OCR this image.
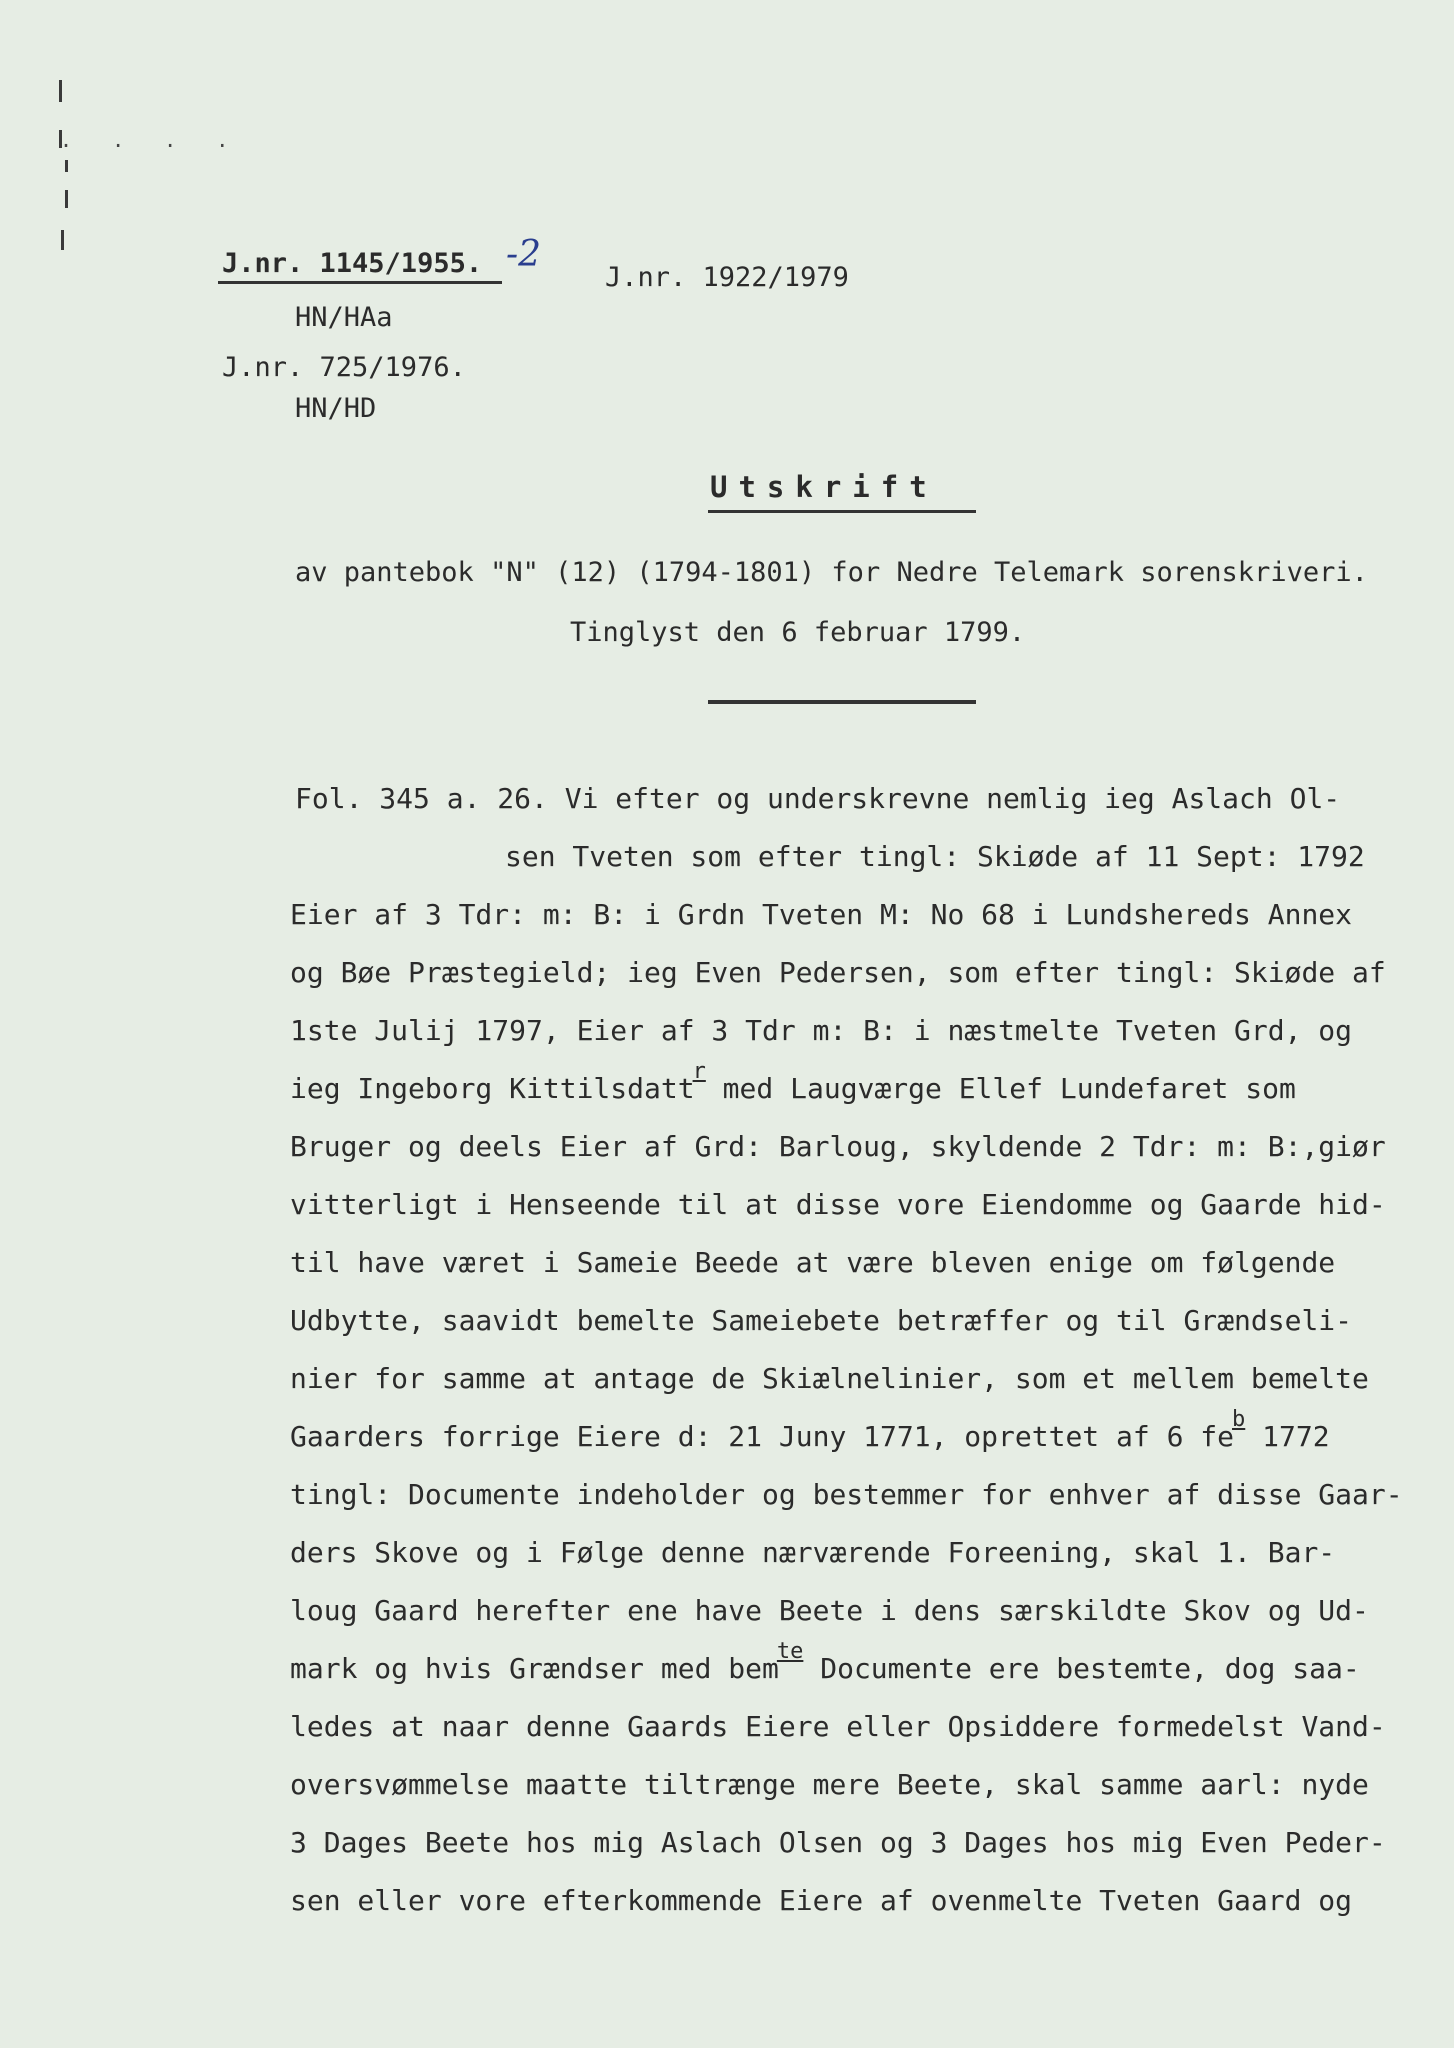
. . . .
J.nr. 1145/1955. -2
J.nr. 1922/1979
HN/HAa
J.nr. 725/1976.
HN/HD
Utskrift
av pantebok "N" (12) (1794-1801) for Nedre Telemark sorenskriveri.
Tinglyst den 6 februar 1799.
Fol. 345 a. 26. Vi efter og underskrevne nemlig ieg Aslach Ol-
sen Tveten som efter tingl: Skiøde af 11 Sept: 1792
Eier af 3 Tdr: m: B: i Grdn Tveten M: No 68 i Lundshereds Annex
og Bøe Præstegield; ieg Even Pedersen, som efter tingl: Skiøde af
1ste Julij 1797, Eier af 3 Tdr m: B: i næstmelte Tveten Grd, og
ieg Ingeborg Kittilsdatt$^r$ med Laugværge Ellef Lundefaret som
Bruger og deels Eier af Grd: Barloug, skyldende 2 Tdr: m: B:,giør
vitterligt i Henseende til at disse vore Eiendomme og Gaarde hid-
til have været i Sameie Beede at være bleven enige om følgende
Udbytte, saavidt bemelte Sameiebete betræffer og til Grændseli-
nier for samme at antage de Skiælnelinier, som et mellem bemelte
Gaarders forrige Eiere d: 21 Juny 1771, oprettet af 6 $fe^b$ 1772
tingl: Documente indeholder og bestemmer for enhver af disse Gaar-
ders Skove og i Følge denne nærværende Foreening, skal 1. Bar-
loug Gaard herefter ene have Beete i dens særskildte Skov og Ud-
mark og hvis Grændser med bem$^{te}$ Documente ere bestemte, dog saa-
ledes at naar denne Gaards Eiere eller Opsiddere formedelst Vand-
oversvømmelse maatte tiltrænge mere Beete, skal samme aarl: nyde
3 Dages Beete hos mig Aslach Olsen og 3 Dages hos mig Even Peder-
sen eller vore efterkommende Eiere af ovenmelte Tveten Gaard og
